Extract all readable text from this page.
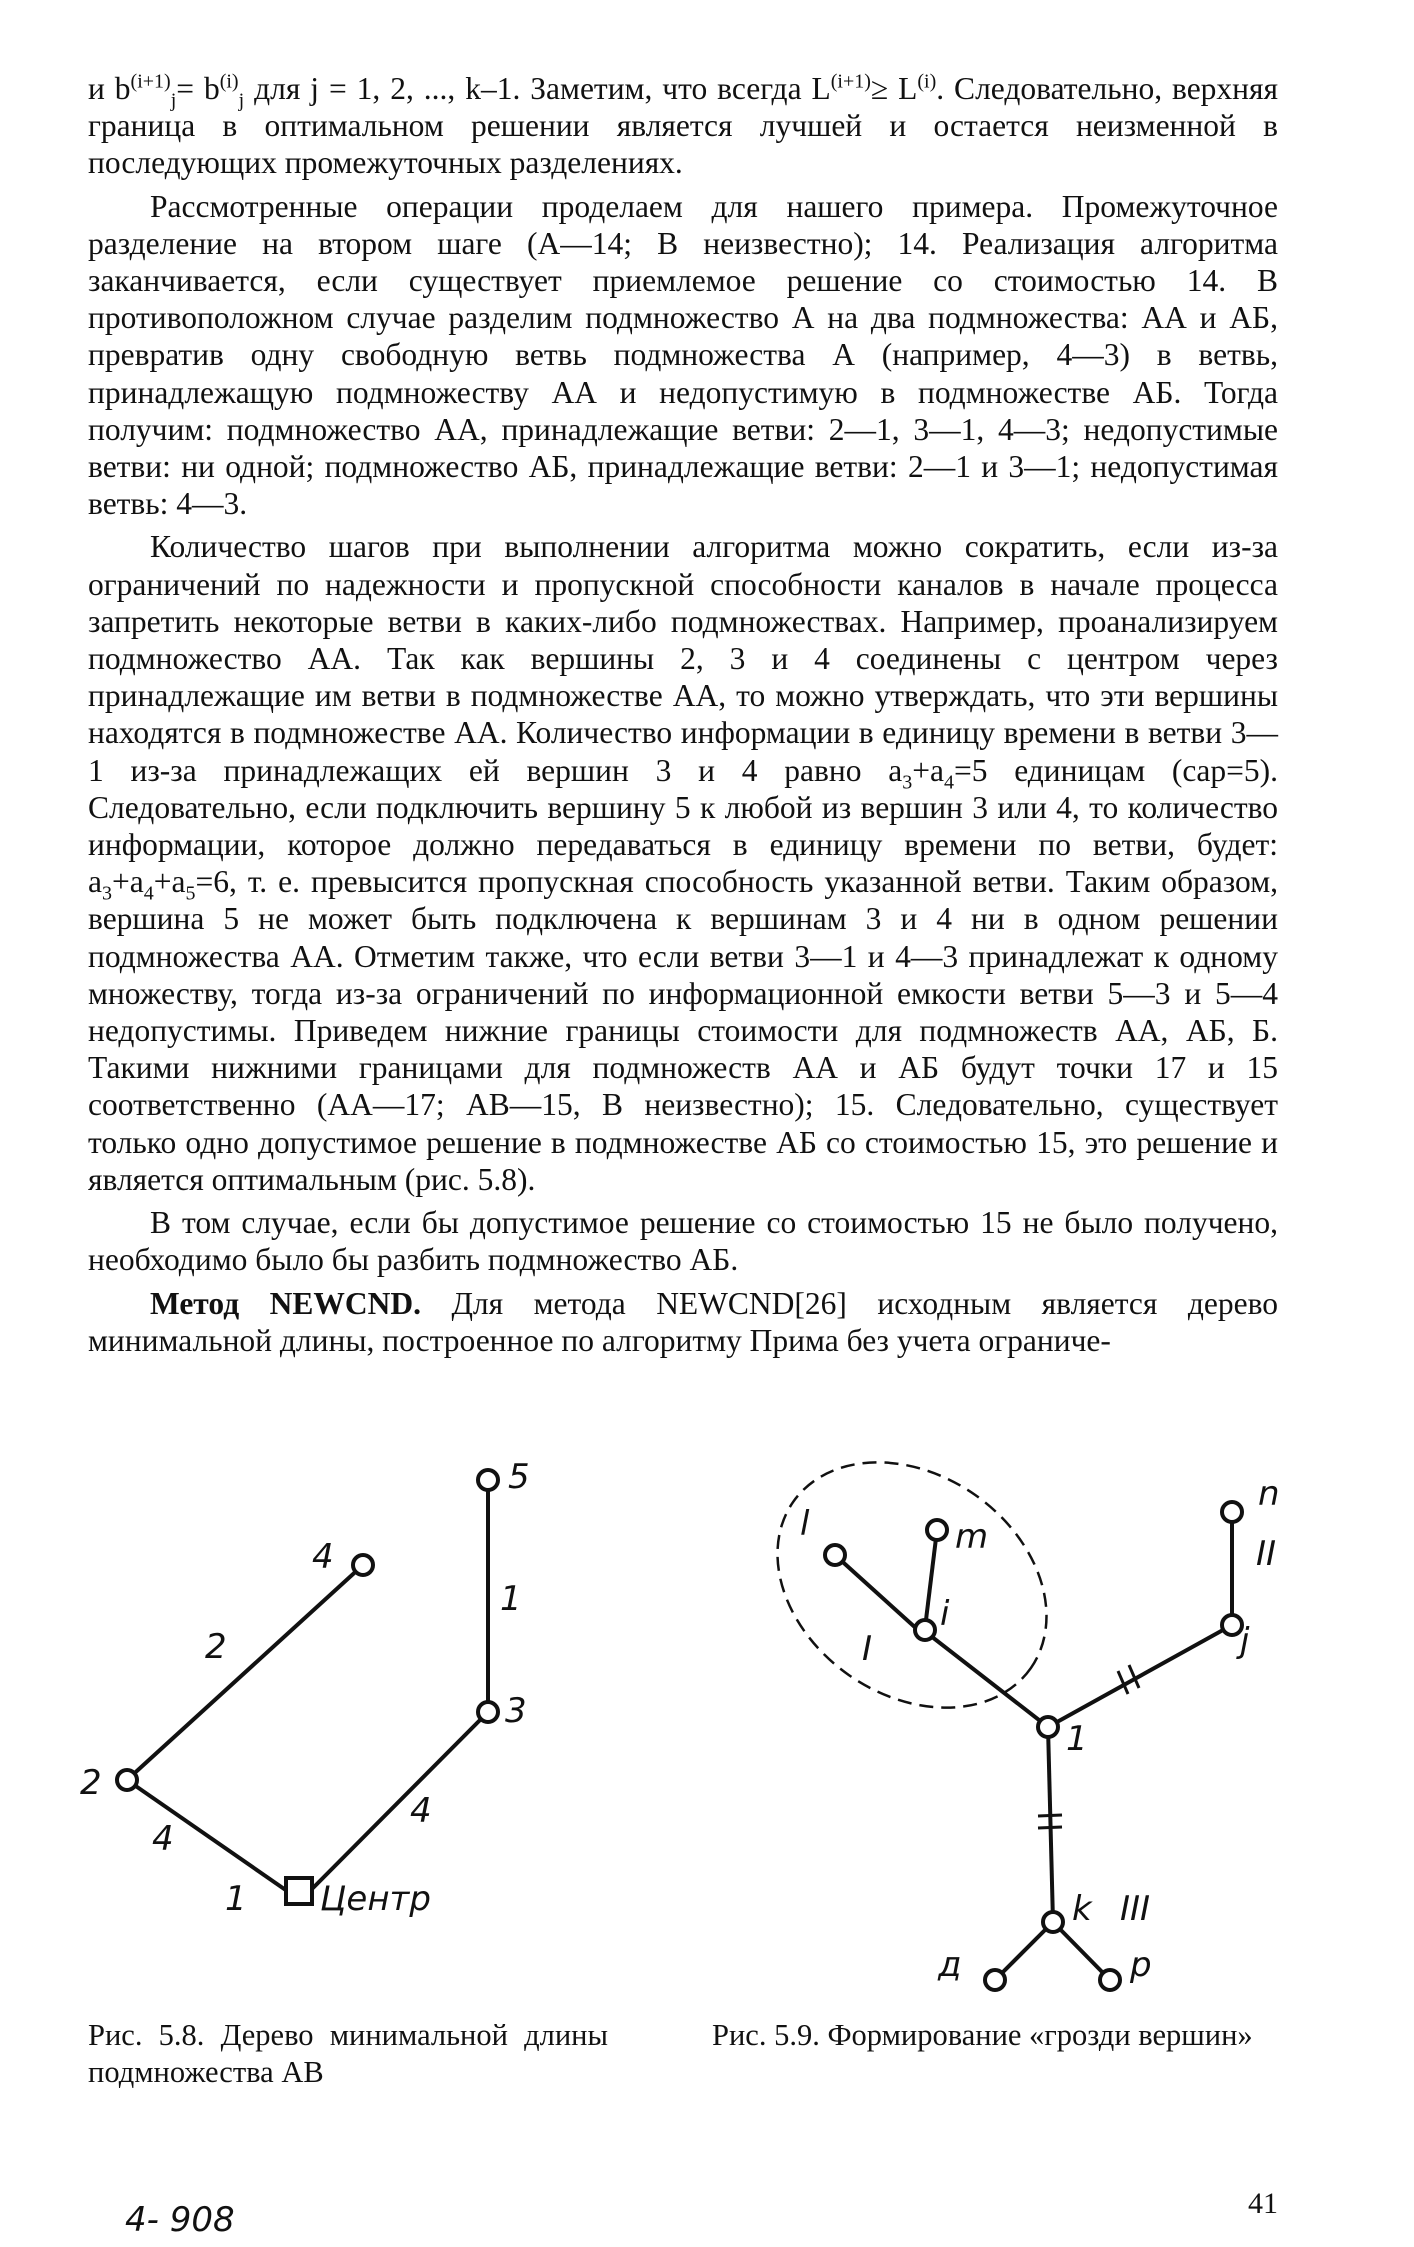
и $b^{(i+1)}_j= b^{(i)}_j$ для j = 1, 2, ..., k–1. Заметим, что всегда $L^{(i+1)}\ge L^{(i)}$. Следовательно, верхняя граница в оптимальном решении является лучшей и остается неизменной в последующих промежуточных разделениях.

Рассмотренные операции проделаем для нашего примера. Промежуточное разделение на втором шаге (А—14; В неизвестно); 14. Реализация алгоритма заканчивается, если существует приемлемое решение со стоимостью 14. В противоположном случае разделим подмножество А на два подмножества: АА и АБ, превратив одну свободную ветвь подмножества А (например, 4—3) в ветвь, принадлежащую подмножеству АА и недопустимую в подмножестве АБ. Тогда получим: подмножество АА, принадлежащие ветви: 2—1, 3—1, 4—3; недопустимые ветви: ни одной; подмножество АБ, принадлежащие ветви: 2—1 и 3—1; недопустимая ветвь: 4—3.

Количество шагов при выполнении алгоритма можно сократить, если из-за ограничений по надежности и пропускной способности каналов в начале процесса запретить некоторые ветви в каких-либо подмножествах. Например, проанализируем подмножество АА. Так как вершины 2, 3 и 4 соединены с центром через принадлежащие им ветви в подмножестве АА, то можно утверждать, что эти вершины находятся в подмножестве АА. Количество информации в единицу времени в ветви 3—1 из-за принадлежащих ей вершин 3 и 4 равно $a_3+a_4=5$ единицам (cap=5). Следовательно, если подключить вершину 5 к любой из вершин 3 или 4, то количество информации, которое должно передаваться в единицу времени по ветви, будет: $a_3+a_4+a_5=6$, т. е. превысится пропускная способность указанной ветви. Таким образом, вершина 5 не может быть подключена к вершинам 3 и 4 ни в одном решении подмножества АА. Отметим также, что если ветви 3—1 и 4—3 принадлежат к одному множеству, тогда из-за ограничений по информационной емкости ветви 5—3 и 5—4 недопустимы. Приведем нижние границы стоимости для подмножеств АА, АБ, Б. Такими нижними границами для подмножеств АА и АБ будут точки 17 и 15 соответственно (АА—17; АВ—15, В неизвестно); 15. Следовательно, существует только одно допустимое решение в подмножестве АБ со стоимостью 15, это решение и является оптимальным (рис. 5.8).

В том случае, если бы допустимое решение со стоимостью 15 не было получено, необходимо было бы разбить подмножество АБ.

Метод NEWCND. Для метода NEWCND[26] исходным является дерево минимальной длины, построенное по алгоритму Прима без учета ограниче-

5
4
3
2
1 Центр
1
2
4
4
l	m
i
n
II
j
1
k III
д	p
I

Рис. 5.8. Дерево минимальной длины подмножества AB

Рис. 5.9. Формирование «грозди вершин»

4- 908	41
